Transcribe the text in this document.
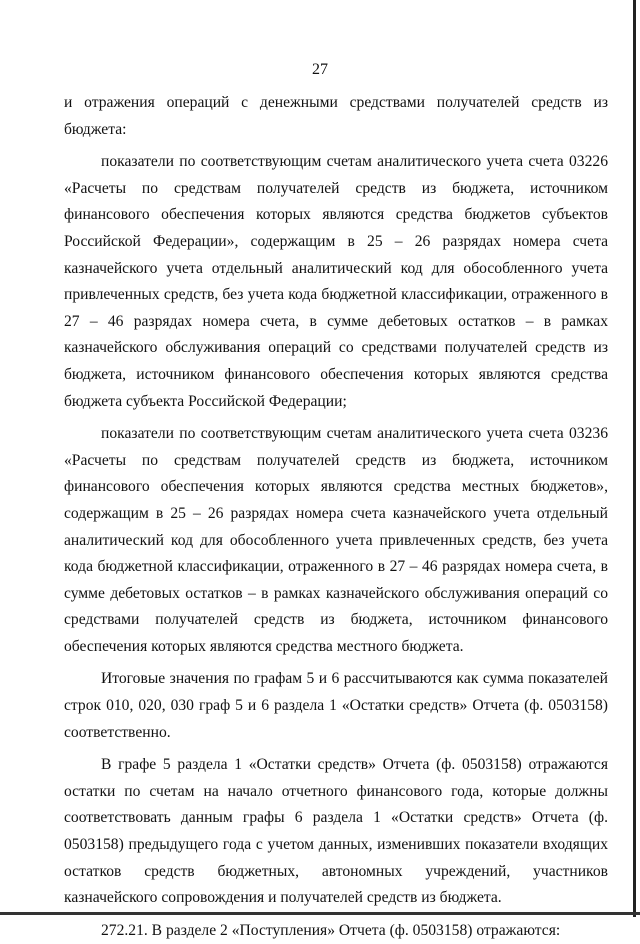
27

и отражения операций с денежными средствами получателей средств из бюджета:

показатели по соответствующим счетам аналитического учета счета 03226 «Расчеты по средствам получателей средств из бюджета, источником финансового обеспечения которых являются средства бюджетов субъектов Российской Федерации», содержащим в 25 – 26 разрядах номера счета казначейского учета отдельный аналитический код для обособленного учета привлеченных средств, без учета кода бюджетной классификации, отраженного в 27 – 46 разрядах номера счета, в сумме дебетовых остатков – в рамках казначейского обслуживания операций со средствами получателей средств из бюджета, источником финансового обеспечения которых являются средства бюджета субъекта Российской Федерации;

показатели по соответствующим счетам аналитического учета счета 03236 «Расчеты по средствам получателей средств из бюджета, источником финансового обеспечения которых являются средства местных бюджетов», содержащим в 25 – 26 разрядах номера счета казначейского учета отдельный аналитический код для обособленного учета привлеченных средств, без учета кода бюджетной классификации, отраженного в 27 – 46 разрядах номера счета, в сумме дебетовых остатков – в рамках казначейского обслуживания операций со средствами получателей средств из бюджета, источником финансового обеспечения которых являются средства местного бюджета.

Итоговые значения по графам 5 и 6 рассчитываются как сумма показателей строк 010, 020, 030 граф 5 и 6 раздела 1 «Остатки средств» Отчета (ф. 0503158) соответственно.

В графе 5 раздела 1 «Остатки средств» Отчета (ф. 0503158) отражаются остатки по счетам на начало отчетного финансового года, которые должны соответствовать данным графы 6 раздела 1 «Остатки средств» Отчета (ф. 0503158) предыдущего года с учетом данных, изменивших показатели входящих остатков средств бюджетных, автономных учреждений, участников казначейского сопровождения и получателей средств из бюджета.

272.21. В разделе 2 «Поступления» Отчета (ф. 0503158) отражаются:
